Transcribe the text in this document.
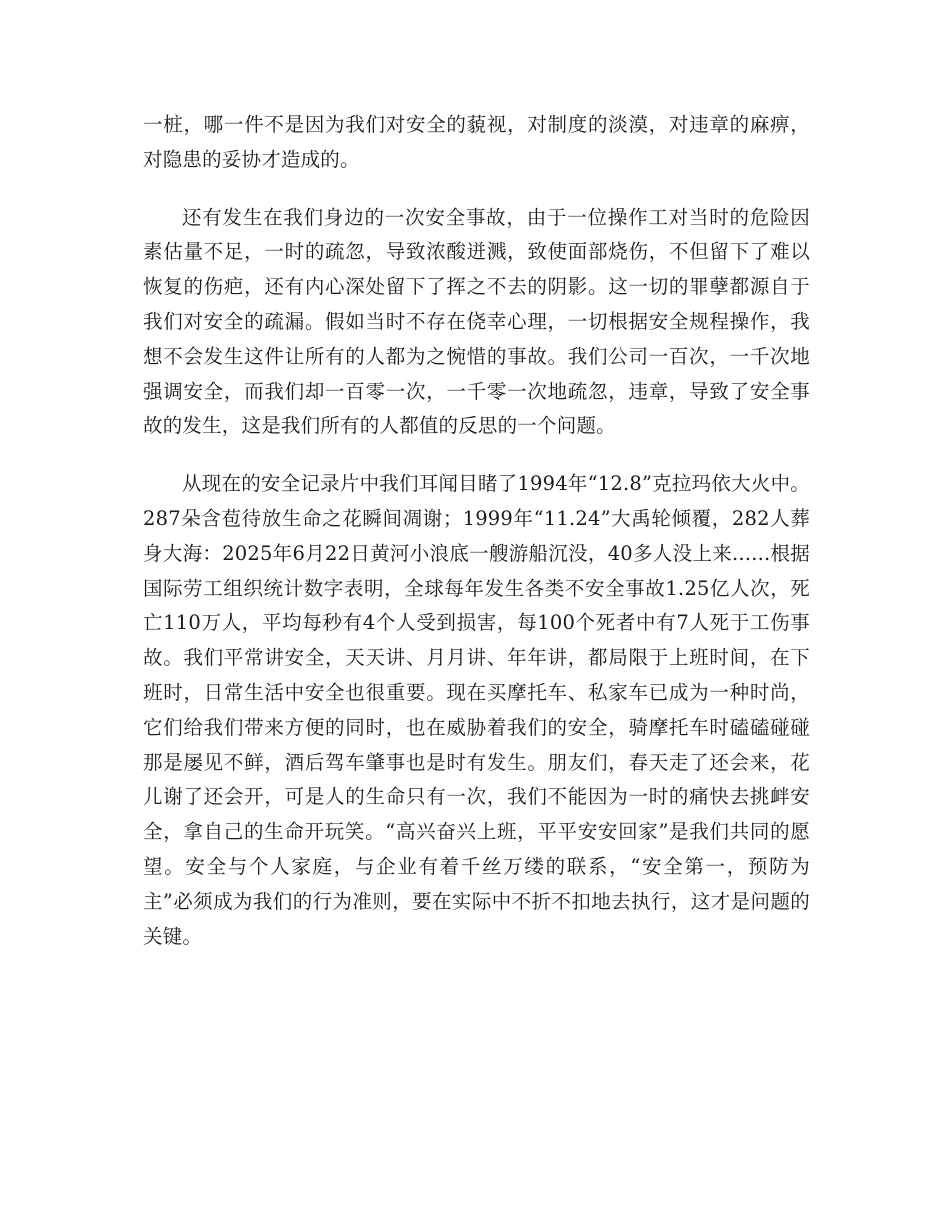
一桩，哪一件不是因为我们对安全的藐视，对制度的淡漠，对违章的麻痹，对隐患的妥协才造成的。

还有发生在我们身边的一次安全事故，由于一位操作工对当时的危险因素估量不足，一时的疏忽，导致浓酸迸溅，致使面部烧伤，不但留下了难以恢复的伤疤，还有内心深处留下了挥之不去的阴影。这一切的罪孽都源自于我们对安全的疏漏。假如当时不存在侥幸心理，一切根据安全规程操作，我想不会发生这件让所有的人都为之惋惜的事故。我们公司一百次，一千次地强调安全，而我们却一百零一次，一千零一次地疏忽，违章，导致了安全事故的发生，这是我们所有的人都值的反思的一个问题。

从现在的安全记录片中我们耳闻目睹了1994年“12.8”克拉玛依大火中。287朵含苞待放生命之花瞬间凋谢；1999年“11.24”大禹轮倾覆，282人葬身大海：2025年6月22日黄河小浪底一艘游船沉没，40多人没上来......根据国际劳工组织统计数字表明，全球每年发生各类不安全事故1.25亿人次，死亡110万人，平均每秒有4个人受到损害，每100个死者中有7人死于工伤事故。我们平常讲安全，天天讲、月月讲、年年讲，都局限于上班时间，在下班时，日常生活中安全也很重要。现在买摩托车、私家车已成为一种时尚，它们给我们带来方便的同时，也在威胁着我们的安全，骑摩托车时磕磕碰碰那是屡见不鲜，酒后驾车肇事也是时有发生。朋友们，春天走了还会来，花儿谢了还会开，可是人的生命只有一次，我们不能因为一时的痛快去挑衅安全，拿自己的生命开玩笑。“高兴奋兴上班，平平安安回家”是我们共同的愿望。安全与个人家庭，与企业有着千丝万缕的联系，“安全第一，预防为主”必须成为我们的行为准则，要在实际中不折不扣地去执行，这才是问题的关键。
